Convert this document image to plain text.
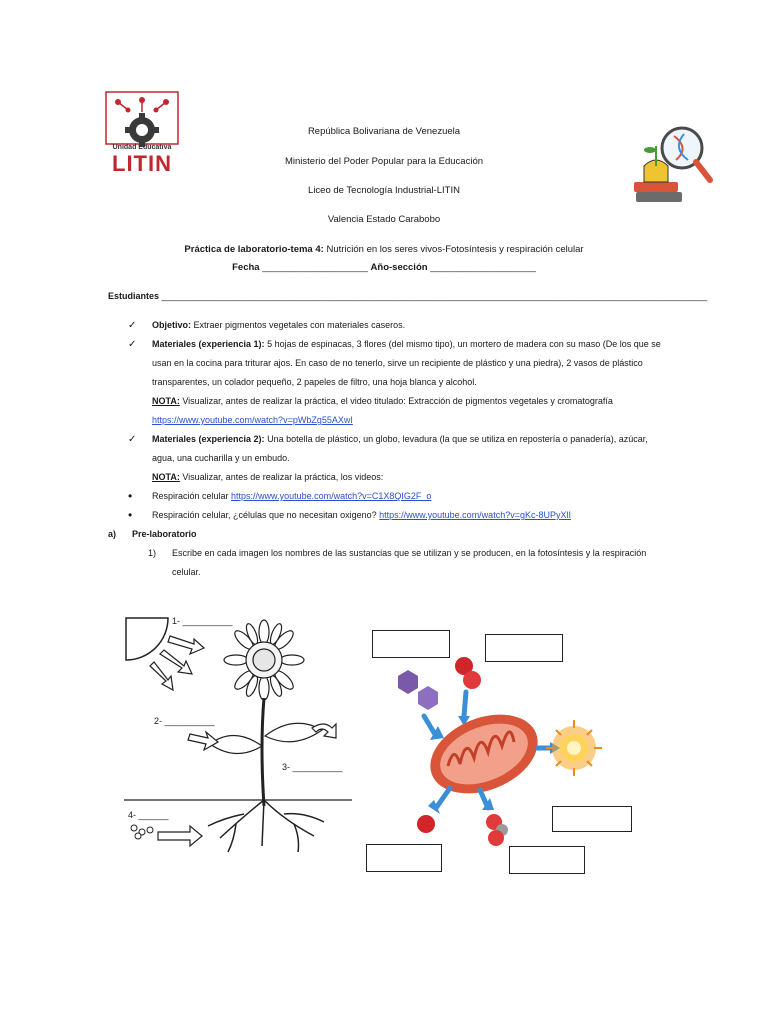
Unidad Educativa
LITIN
República Bolivariana de Venezuela
Ministerio del Poder Popular para la Educación
Liceo de Tecnología Industrial-LITIN
Valencia Estado Carabobo
Práctica de laboratorio-tema 4: Nutrición en los seres vivos-Fotosíntesis y respiración celular
Fecha ____________________ Año-sección ____________________
Estudiantes _____________________________________________________________________________________________________________
✓ Objetivo: Extraer pigmentos vegetales con materiales caseros.
✓ Materiales (experiencia 1): 5 hojas de espinacas, 3 flores (del mismo tipo), un mortero de madera con su maso (De los que se
usan en la cocina para triturar ajos. En caso de no tenerlo, sirve un recipiente de plástico y una piedra), 2 vasos de plástico
transparentes, un colador pequeño, 2 papeles de filtro, una hoja blanca y alcohol.
NOTA: Visualizar, antes de realizar la práctica, el video titulado: Extracción de pigmentos vegetales y cromatografía
https://www.youtube.com/watch?v=pWbZg55AXwI
✓ Materiales (experiencia 2): Una botella de plástico, un globo, levadura (la que se utiliza en repostería o panadería), azúcar,
agua, una cucharilla y un embudo.
NOTA: Visualizar, antes de realizar la práctica, los videos:
• Respiración celular https://www.youtube.com/watch?v=C1X8QIG2F_o
• Respiración celular, ¿células que no necesitan oxigeno? https://www.youtube.com/watch?v=gKc-8UPyXlI
a) Pre-laboratorio
1) Escribe en cada imagen los nombres de las sustancias que se utilizan y se producen, en la fotosíntesis y la respiración
celular.
1- __________
2- __________
3- __________
4- ______
